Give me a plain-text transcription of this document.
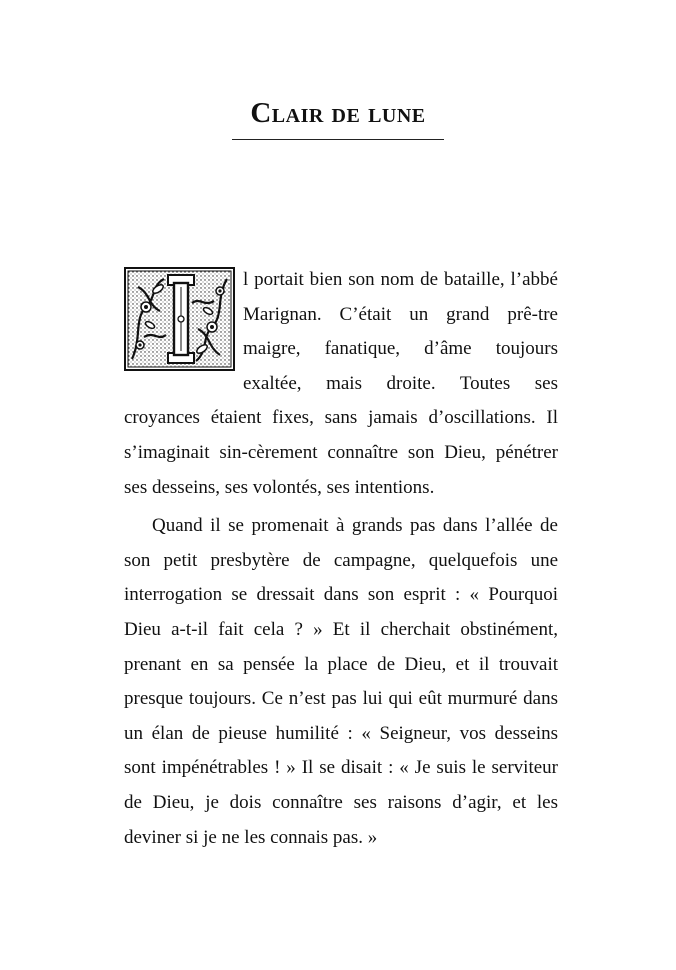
Clair de lune

l portait bien son nom de bataille, l’abbé Marignan. C’était un grand prê-tre maigre, fanatique, d’âme toujours exaltée, mais droite. Toutes ses croyances étaient fixes, sans jamais d’oscillations. Il s’imaginait sin-cèrement connaître son Dieu, pénétrer ses desseins, ses volontés, ses intentions.

Quand il se promenait à grands pas dans l’allée de son petit presbytère de campagne, quelquefois une interrogation se dressait dans son esprit : « Pourquoi Dieu a-t-il fait cela ? » Et il cherchait obstinément, prenant en sa pensée la place de Dieu, et il trouvait presque toujours. Ce n’est pas lui qui eût murmuré dans un élan de pieuse humilité : « Seigneur, vos desseins sont impénétrables ! » Il se disait : « Je suis le serviteur de Dieu, je dois connaître ses raisons d’agir, et les deviner si je ne les connais pas. »
